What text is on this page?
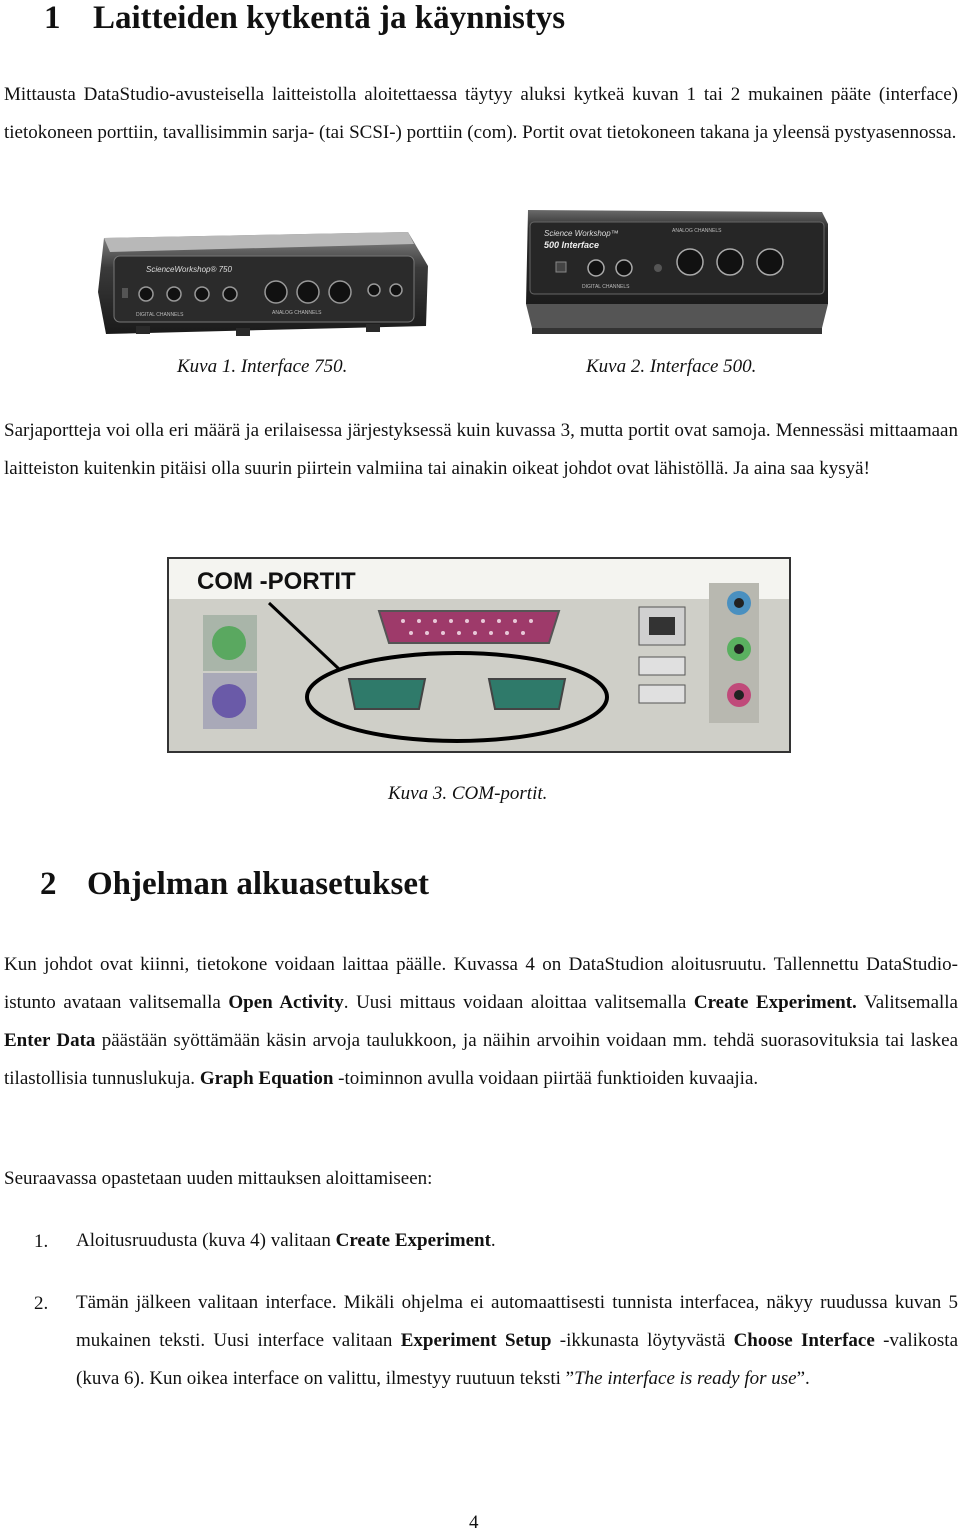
1 Laitteiden kytkentä ja käynnistys
Mittausta DataStudio-avusteisella laitteistolla aloitettaessa täytyy aluksi kytkeä kuvan 1 tai 2 mukainen pääte (interface) tietokoneen porttiin, tavallisimmin sarja- (tai SCSI-) porttiin (com). Portit ovat tietokoneen takana ja yleensä pystyasennossa.
ScienceWorkshop® 750
DIGITAL CHANNELS	ANALOG CHANNELS
Kuva 1. Interface 750.
Science Workshop™
500 Interface
DIGITAL CHANNELS
ANALOG CHANNELS
Kuva 2. Interface 500.
Sarjaportteja voi olla eri määrä ja erilaisessa järjestyksessä kuin kuvassa 3, mutta portit ovat samoja. Mennessäsi mittaamaan laitteiston kuitenkin pitäisi olla suurin piirtein valmiina tai ainakin oikeat johdot ovat lähistöllä. Ja aina saa kysyä!
COM -PORTIT
Kuva 3. COM-portit.
2 Ohjelman alkuasetukset
Kun johdot ovat kiinni, tietokone voidaan laittaa päälle. Kuvassa 4 on DataStudion aloitusruutu. Tallennettu DataStudio-istunto avataan valitsemalla Open Activity. Uusi mittaus voidaan aloittaa valitsemalla Create Experiment. Valitsemalla Enter Data päästään syöttämään käsin arvoja taulukkoon, ja näihin arvoihin voidaan mm. tehdä suorasovituksia tai laskea tilastollisia tunnuslukuja. Graph Equation -toiminnon avulla voidaan piirtää funktioiden kuvaajia.
Seuraavassa opastetaan uuden mittauksen aloittamiseen:
1. Aloitusruudusta (kuva 4) valitaan Create Experiment.
2. Tämän jälkeen valitaan interface. Mikäli ohjelma ei automaattisesti tunnista interfacea, näkyy ruudussa kuvan 5 mukainen teksti. Uusi interface valitaan Experiment Setup -ikkunasta löytyvästä Choose Interface -valikosta (kuva 6). Kun oikea interface on valittu, ilmestyy ruutuun teksti ”The interface is ready for use”.
4
